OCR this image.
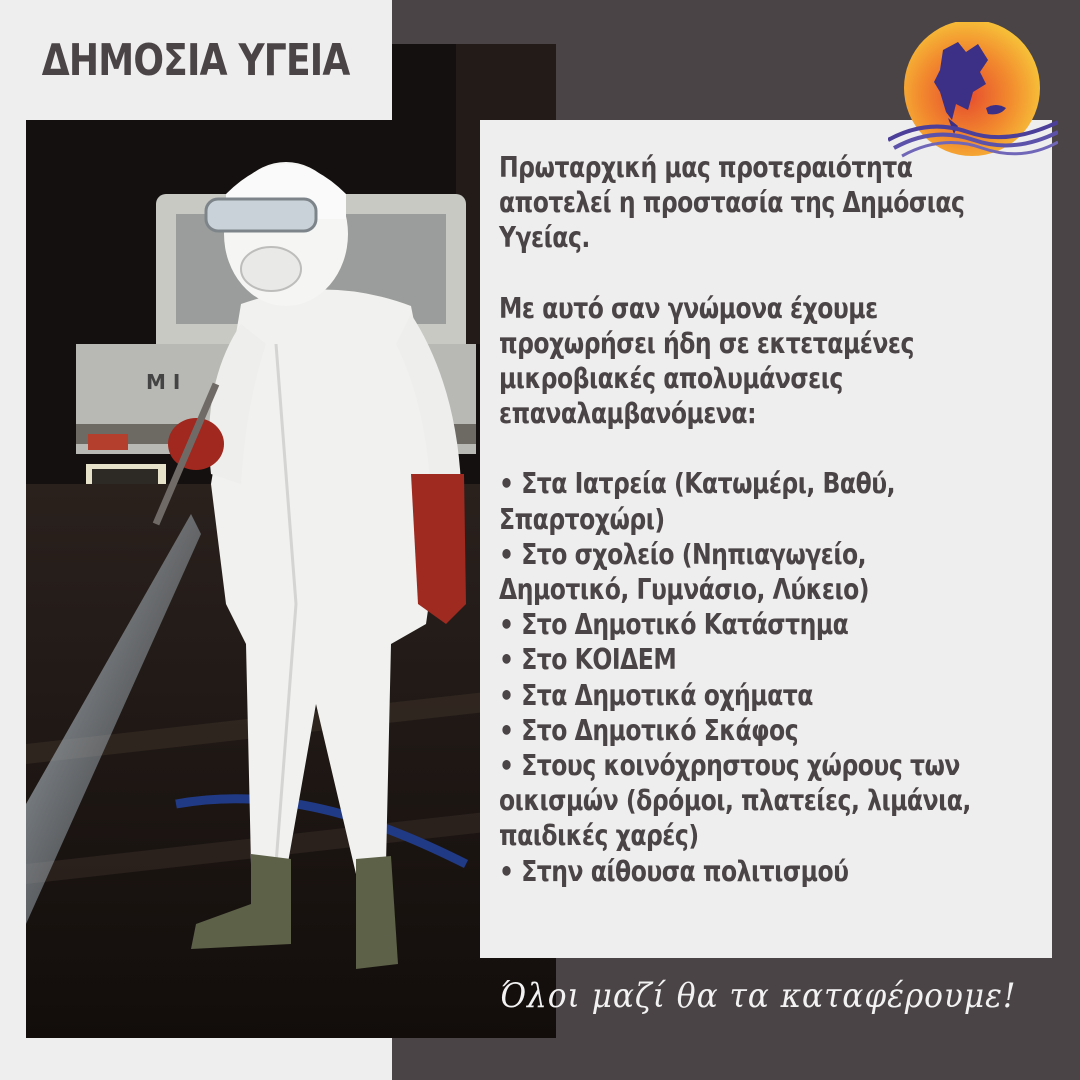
M I
ΔΗΜΟΣΙΑ ΥΓΕΙΑ

Πρωταρχική μας προτεραιότητα

αποτελεί η προστασία της Δημόσιας

Υγείας.

Με αυτό σαν γνώμονα έχουμε

προχωρήσει ήδη σε εκτεταμένες

μικροβιακές απολυμάνσεις

επαναλαμβανόμενα:

• Στα Ιατρεία (Κατωμέρι, Βαθύ,

Σπαρτοχώρι)

• Στο σχολείο (Νηπιαγωγείο,

Δημοτικό, Γυμνάσιο, Λύκειο)

• Στο Δημοτικό Κατάστημα

• Στο ΚΟΙΔΕΜ

• Στα Δημοτικά οχήματα

• Στο Δημοτικό Σκάφος

• Στους κοινόχρηστους χώρους των

οικισμών (δρόμοι, πλατείες, λιμάνια,

παιδικές χαρές)

• Στην αίθουσα πολιτισμού

Όλοι μαζί θα τα καταφέρουμε!
